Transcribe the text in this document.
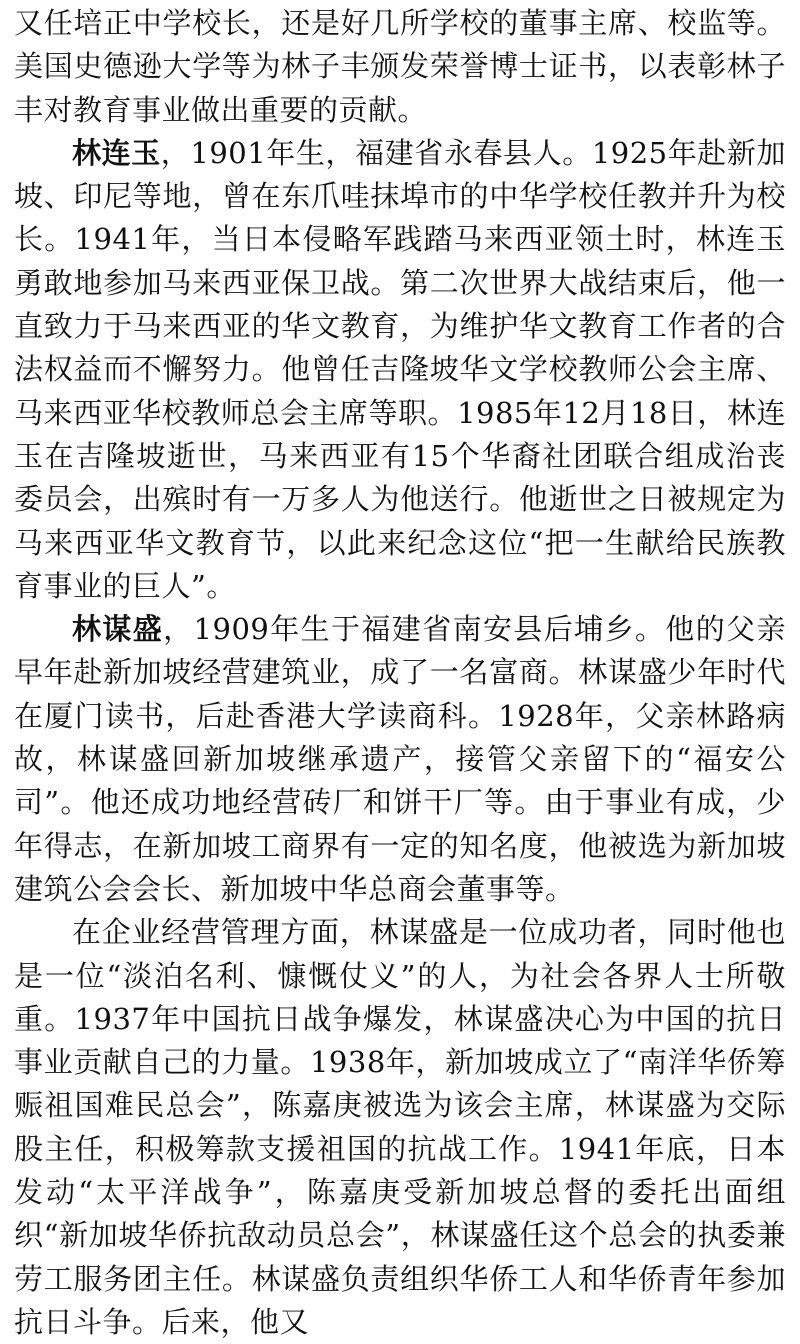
又任培正中学校长，还是好几所学校的董事主席、校监等。美国史德逊大学等为林子丰颁发荣誉博士证书，以表彰林子丰对教育事业做出重要的贡献。

林连玉，1901年生，福建省永春县人。1925年赴新加坡、印尼等地，曾在东爪哇抹埠市的中华学校任教并升为校长。1941年，当日本侵略军践踏马来西亚领土时，林连玉勇敢地参加马来西亚保卫战。第二次世界大战结束后，他一直致力于马来西亚的华文教育，为维护华文教育工作者的合法权益而不懈努力。他曾任吉隆坡华文学校教师公会主席、马来西亚华校教师总会主席等职。1985年12月18日，林连玉在吉隆坡逝世，马来西亚有15个华裔社团联合组成治丧委员会，出殡时有一万多人为他送行。他逝世之日被规定为马来西亚华文教育节，以此来纪念这位“把一生献给民族教育事业的巨人”。

林谋盛，1909年生于福建省南安县后埔乡。他的父亲早年赴新加坡经营建筑业，成了一名富商。林谋盛少年时代在厦门读书，后赴香港大学读商科。1928年，父亲林路病故，林谋盛回新加坡继承遗产，接管父亲留下的“福安公司”。他还成功地经营砖厂和饼干厂等。由于事业有成，少年得志，在新加坡工商界有一定的知名度，他被选为新加坡建筑公会会长、新加坡中华总商会董事等。

在企业经营管理方面，林谋盛是一位成功者，同时他也是一位“淡泊名利、慷慨仗义”的人，为社会各界人士所敬重。1937年中国抗日战争爆发，林谋盛决心为中国的抗日事业贡献自己的力量。1938年，新加坡成立了“南洋华侨筹赈祖国难民总会”，陈嘉庚被选为该会主席，林谋盛为交际股主任，积极筹款支援祖国的抗战工作。1941年底，日本发动“太平洋战争”，陈嘉庚受新加坡总督的委托出面组织“新加坡华侨抗敌动员总会”，林谋盛任这个总会的执委兼劳工服务团主任。林谋盛负责组织华侨工人和华侨青年参加抗日斗争。后来，他又
